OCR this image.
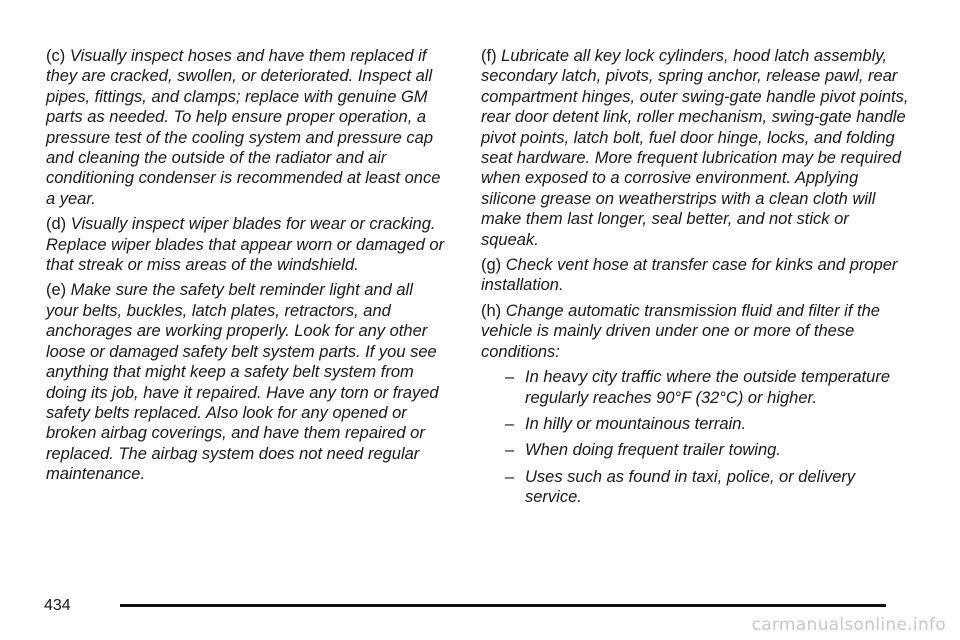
(c) Visually inspect hoses and have them replaced if they are cracked, swollen, or deteriorated. Inspect all pipes, fittings, and clamps; replace with genuine GM parts as needed. To help ensure proper operation, a pressure test of the cooling system and pressure cap and cleaning the outside of the radiator and air conditioning condenser is recommended at least once a year.

(d) Visually inspect wiper blades for wear or cracking. Replace wiper blades that appear worn or damaged or that streak or miss areas of the windshield.

(e) Make sure the safety belt reminder light and all your belts, buckles, latch plates, retractors, and anchorages are working properly. Look for any other loose or damaged safety belt system parts. If you see anything that might keep a safety belt system from doing its job, have it repaired. Have any torn or frayed safety belts replaced. Also look for any opened or broken airbag coverings, and have them repaired or replaced. The airbag system does not need regular maintenance.

(f) Lubricate all key lock cylinders, hood latch assembly, secondary latch, pivots, spring anchor, release pawl, rear compartment hinges, outer swing-gate handle pivot points, rear door detent link, roller mechanism, swing-gate handle pivot points, latch bolt, fuel door hinge, locks, and folding seat hardware. More frequent lubrication may be required when exposed to a corrosive environment. Applying silicone grease on weatherstrips with a clean cloth will make them last longer, seal better, and not stick or squeak.

(g) Check vent hose at transfer case for kinks and proper installation.

(h) Change automatic transmission fluid and filter if the vehicle is mainly driven under one or more of these conditions:

– In heavy city traffic where the outside temperature regularly reaches 90°F (32°C) or higher.

– In hilly or mountainous terrain.

– When doing frequent trailer towing.

– Uses such as found in taxi, police, or delivery service.

434
carmanualsonline.info
